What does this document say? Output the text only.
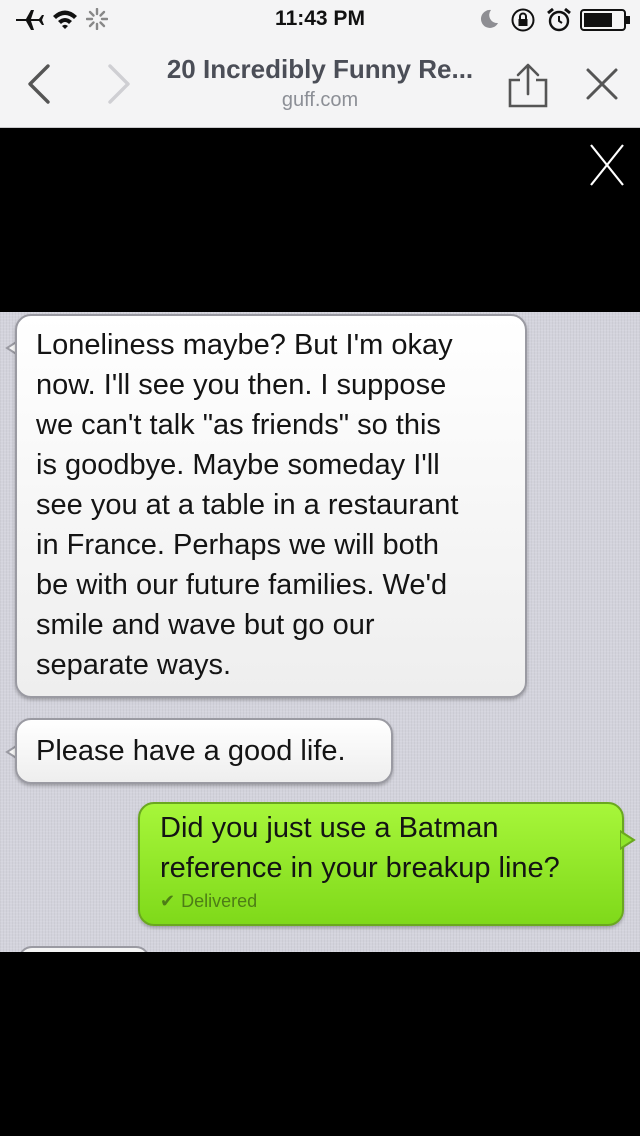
11:43 PM
20 Incredibly Funny Re...
guff.com
Loneliness maybe? But I'm okay
now. I'll see you then. I suppose
we can't talk "as friends" so this
is goodbye. Maybe someday I'll
see you at a table in a restaurant
in France. Perhaps we will both
be with our future families. We'd
smile and wave but go our
separate ways.
Please have a good life.
Did you just use a Batman
reference in your breakup line?
✔ Delivered
